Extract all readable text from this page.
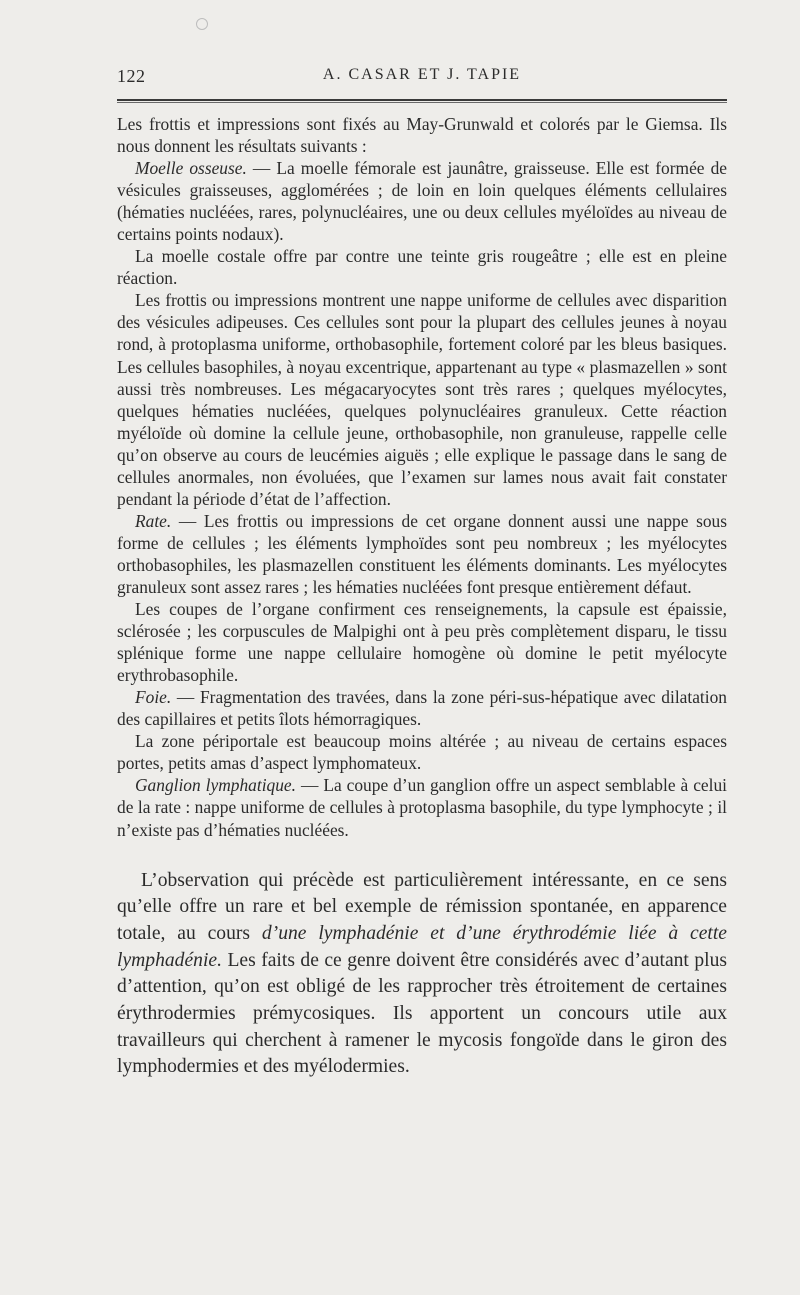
122	A. CASAR ET J. TAPIE

Les frottis et impressions sont fixés au May-Grunwald et colorés par le Giemsa. Ils nous donnent les résultats suivants :

Moelle osseuse. — La moelle fémorale est jaunâtre, graisseuse. Elle est formée de vésicules graisseuses, agglomérées ; de loin en loin quelques éléments cellulaires (hématies nucléées, rares, polynucléaires, une ou deux cellules myéloïdes au niveau de certains points nodaux).

La moelle costale offre par contre une teinte gris rougeâtre ; elle est en pleine réaction.

Les frottis ou impressions montrent une nappe uniforme de cellules avec disparition des vésicules adipeuses. Ces cellules sont pour la plupart des cellules jeunes à noyau rond, à protoplasma uniforme, orthobasophile, fortement coloré par les bleus basiques. Les cellules basophiles, à noyau excentrique, appartenant au type « plasmazellen » sont aussi très nombreuses. Les mégacaryocytes sont très rares ; quelques myélocytes, quelques hématies nucléées, quelques polynucléaires granuleux. Cette réaction myéloïde où domine la cellule jeune, orthobasophile, non granuleuse, rappelle celle qu’on observe au cours de leucémies aiguës ; elle explique le passage dans le sang de cellules anormales, non évoluées, que l’examen sur lames nous avait fait constater pendant la période d’état de l’affection.

Rate. — Les frottis ou impressions de cet organe donnent aussi une nappe sous forme de cellules ; les éléments lymphoïdes sont peu nombreux ; les myélocytes orthobasophiles, les plasmazellen constituent les éléments dominants. Les myélocytes granuleux sont assez rares ; les hématies nucléées font presque entièrement défaut.

Les coupes de l’organe confirment ces renseignements, la capsule est épaissie, sclérosée ; les corpuscules de Malpighi ont à peu près complètement disparu, le tissu splénique forme une nappe cellulaire homogène où domine le petit myélocyte erythrobasophile.

Foie. — Fragmentation des travées, dans la zone péri-sus-hépatique avec dilatation des capillaires et petits îlots hémorragiques.

La zone périportale est beaucoup moins altérée ; au niveau de certains espaces portes, petits amas d’aspect lymphomateux.

Ganglion lymphatique. — La coupe d’un ganglion offre un aspect semblable à celui de la rate : nappe uniforme de cellules à protoplasma basophile, du type lymphocyte ; il n’existe pas d’hématies nucléées.

L’observation qui précède est particulièrement intéressante, en ce sens qu’elle offre un rare et bel exemple de rémission spontanée, en apparence totale, au cours d’une lymphadénie et d’une érythrodémie liée à cette lymphadénie. Les faits de ce genre doivent être considérés avec d’autant plus d’attention, qu’on est obligé de les rapprocher très étroitement de certaines érythrodermies prémycosiques. Ils apportent un concours utile aux travailleurs qui cherchent à ramener le mycosis fongoïde dans le giron des lymphodermies et des myélodermies.
